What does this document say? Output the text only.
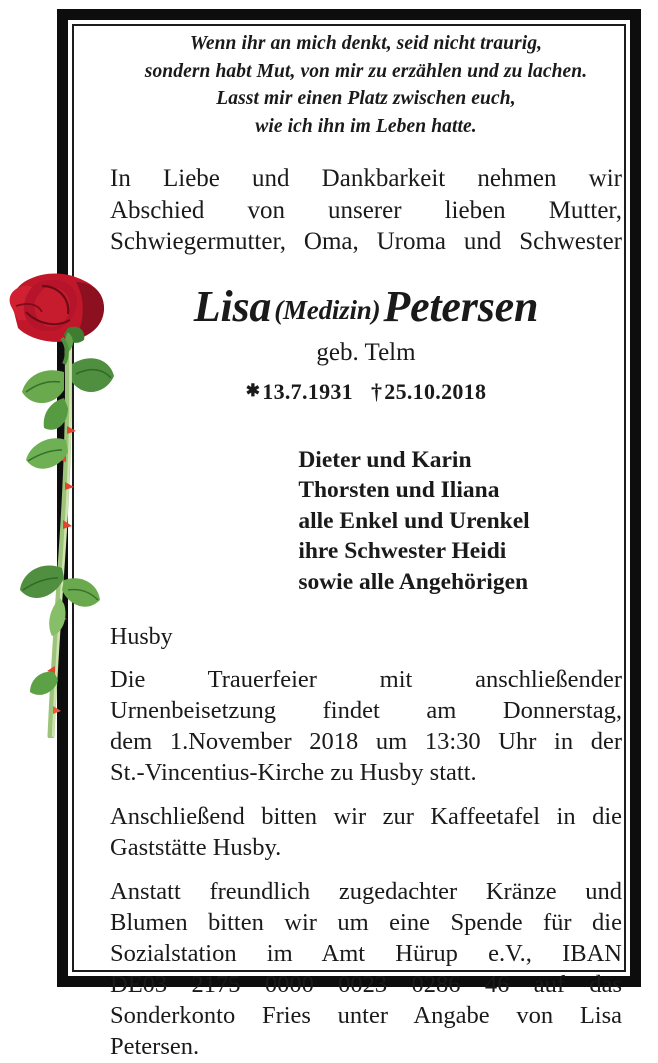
Wenn ihr an mich denkt, seid nicht traurig,
sondern habt Mut, von mir zu erzählen und zu lachen.
Lasst mir einen Platz zwischen euch,
wie ich ihn im Leben hatte.
In Liebe und Dankbarkeit nehmen wir
Abschied von unserer lieben Mutter,
Schwiegermutter, Oma, Uroma und Schwester
Lisa (Medizin)Petersen
geb. Telm
✱13.7.1931 †25.10.2018
Dieter und Karin
Thorsten und Iliana
alle Enkel und Urenkel
ihre Schwester Heidi
sowie alle Angehörigen
Husby
Die Trauerfeier mit anschließender
Urnenbeisetzung findet am Donnerstag,
dem 1.November 2018 um 13:30 Uhr in der
St.-Vincentius-Kirche zu Husby statt.
Anschließend bitten wir zur Kaffeetafel in die
Gaststätte Husby.
Anstatt freundlich zugedachter Kränze und
Blumen bitten wir um eine Spende für die
Sozialstation im Amt Hürup e.V., IBAN
DE03 2175 0000 0023 0286 46 auf das
Sonderkonto Fries unter Angabe von Lisa
Petersen.
